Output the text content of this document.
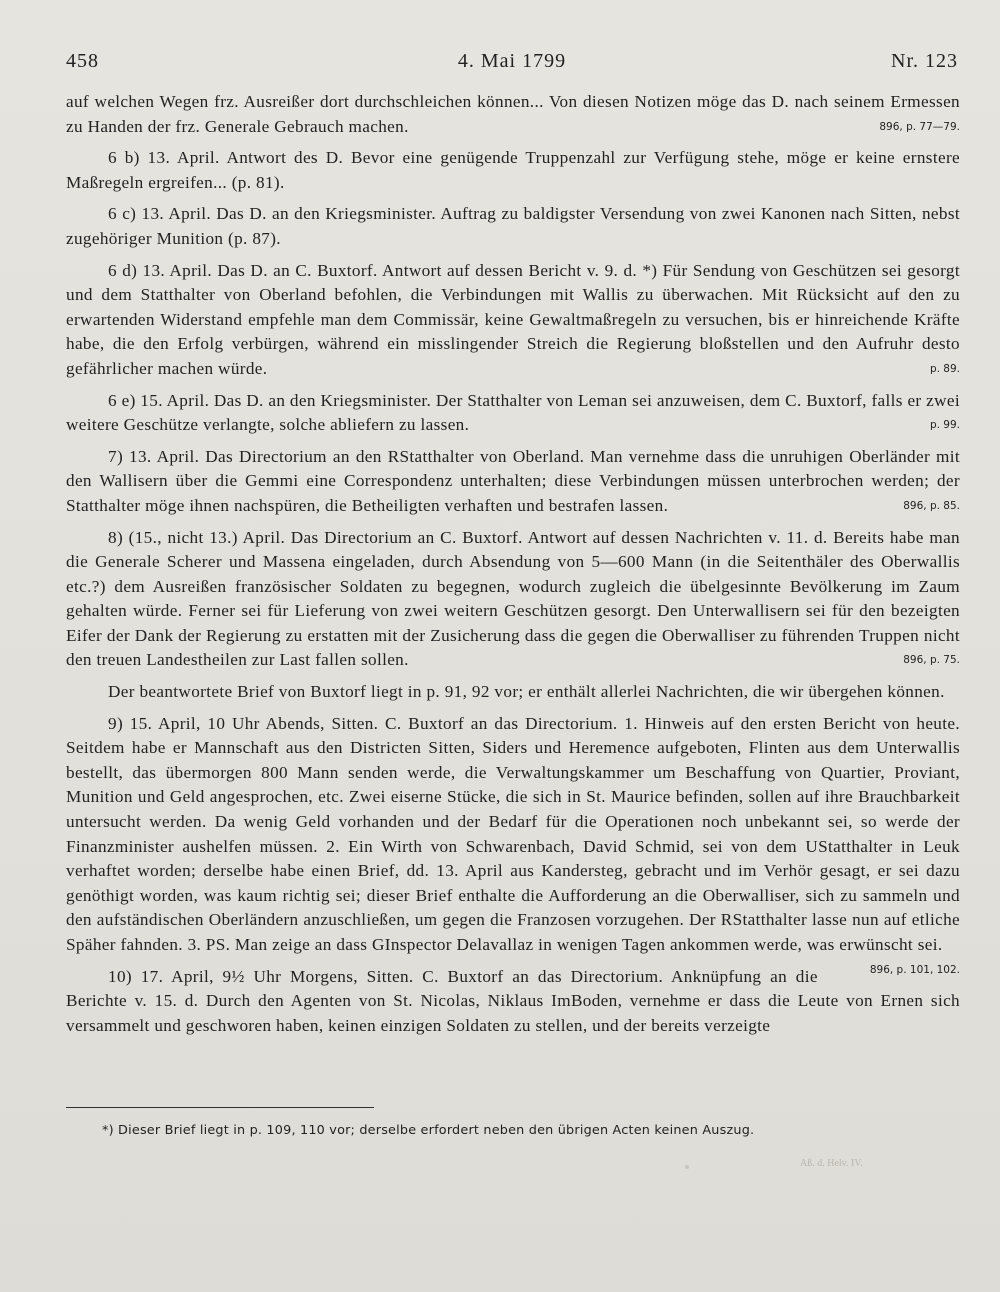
458	4. Mai 1799	Nr. 123

auf welchen Wegen frz. Ausreißer dort durchschleichen können... Von diesen Notizen möge das D. nach seinem Ermessen zu Handen der frz. Generale Gebrauch machen.	896, p. 77—79.

6 b) 13. April. Antwort des D. Bevor eine genügende Truppenzahl zur Verfügung stehe, möge er keine ernstere Maßregeln ergreifen... (p. 81).

6 c) 13. April. Das D. an den Kriegsminister. Auftrag zu baldigster Versendung von zwei Kanonen nach Sitten, nebst zugehöriger Munition (p. 87).

6 d) 13. April. Das D. an C. Buxtorf. Antwort auf dessen Bericht v. 9. d. *) Für Sendung von Geschützen sei gesorgt und dem Statthalter von Oberland befohlen, die Verbindungen mit Wallis zu überwachen. Mit Rücksicht auf den zu erwartenden Widerstand empfehle man dem Commissär, keine Gewaltmaßregeln zu versuchen, bis er hinreichende Kräfte habe, die den Erfolg verbürgen, während ein misslingender Streich die Regierung bloßstellen und den Aufruhr desto gefährlicher machen würde.	p. 89.

6 e) 15. April. Das D. an den Kriegsminister. Der Statthalter von Leman sei anzuweisen, dem C. Buxtorf, falls er zwei weitere Geschütze verlangte, solche abliefern zu lassen.	p. 99.

7) 13. April. Das Directorium an den RStatthalter von Oberland. Man vernehme dass die unruhigen Oberländer mit den Wallisern über die Gemmi eine Correspondenz unterhalten; diese Verbindungen müssen unterbrochen werden; der Statthalter möge ihnen nachspüren, die Betheiligten verhaften und bestrafen lassen.	896, p. 85.

8) (15., nicht 13.) April. Das Directorium an C. Buxtorf. Antwort auf dessen Nachrichten v. 11. d. Bereits habe man die Generale Scherer und Massena eingeladen, durch Absendung von 5—600 Mann (in die Seitenthäler des Oberwallis etc.?) dem Ausreißen französischer Soldaten zu begegnen, wodurch zugleich die übelgesinnte Bevölkerung im Zaum gehalten würde. Ferner sei für Lieferung von zwei weitern Geschützen gesorgt. Den Unterwallisern sei für den bezeigten Eifer der Dank der Regierung zu erstatten mit der Zusicherung dass die gegen die Oberwalliser zu führenden Truppen nicht den treuen Landestheilen zur Last fallen sollen.	896, p. 75.

Der beantwortete Brief von Buxtorf liegt in p. 91, 92 vor; er enthält allerlei Nachrichten, die wir übergehen können.

9) 15. April, 10 Uhr Abends, Sitten. C. Buxtorf an das Directorium. 1. Hinweis auf den ersten Bericht von heute. Seitdem habe er Mannschaft aus den Districten Sitten, Siders und Heremence aufgeboten, Flinten aus dem Unterwallis bestellt, das übermorgen 800 Mann senden werde, die Verwaltungskammer um Beschaffung von Quartier, Proviant, Munition und Geld angesprochen, etc. Zwei eiserne Stücke, die sich in St. Maurice befinden, sollen auf ihre Brauchbarkeit untersucht werden. Da wenig Geld vorhanden und der Bedarf für die Operationen noch unbekannt sei, so werde der Finanzminister aushelfen müssen. 2. Ein Wirth von Schwarenbach, David Schmid, sei von dem UStatthalter in Leuk verhaftet worden; derselbe habe einen Brief, dd. 13. April aus Kandersteg, gebracht und im Verhör gesagt, er sei dazu genöthigt worden, was kaum richtig sei; dieser Brief enthalte die Aufforderung an die Oberwalliser, sich zu sammeln und den aufständischen Oberländern anzuschließen, um gegen die Franzosen vorzugehen. Der RStatthalter lasse nun auf etliche Späher fahnden. 3. PS. Man zeige an dass GInspector Delavallaz in wenigen Tagen ankommen werde, was erwünscht sei.
896, p. 101, 102.

10) 17. April, 9½ Uhr Morgens, Sitten. C. Buxtorf an das Directorium. Anknüpfung an die Berichte v. 15. d. Durch den Agenten von St. Nicolas, Niklaus ImBoden, vernehme er dass die Leute von Ernen sich versammelt und geschworen haben, keinen einzigen Soldaten zu stellen, und der bereits verzeigte

*) Dieser Brief liegt in p. 109, 110 vor; derselbe erfordert neben den übrigen Acten keinen Auszug.
Aß. d. Helv. IV.
